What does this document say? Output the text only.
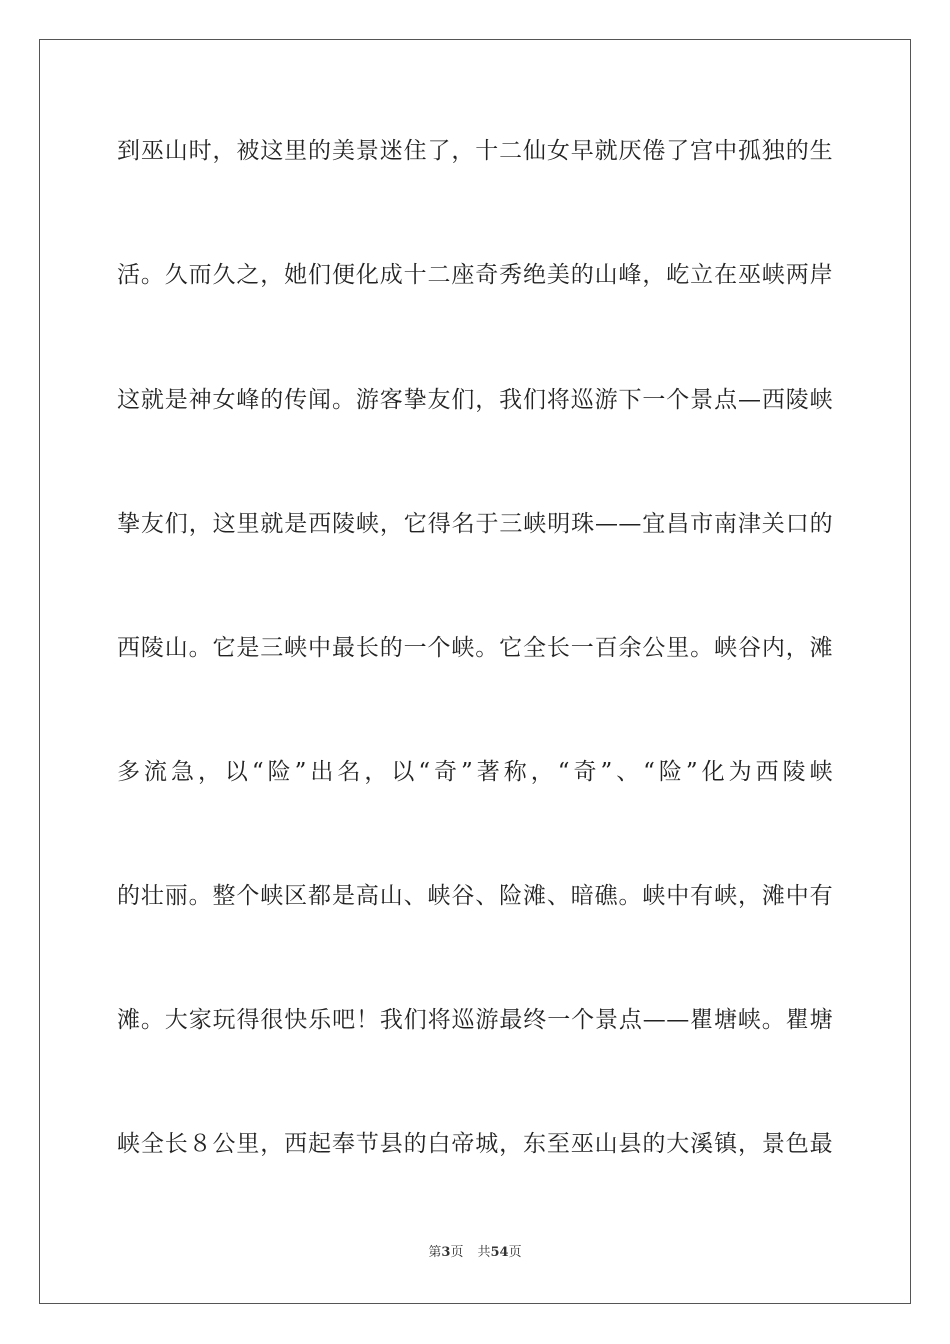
到巫山时，被这里的美景迷住了，十二仙女早就厌倦了宫中孤独的生
活。久而久之，她们便化成十二座奇秀绝美的山峰，屹立在巫峡两岸
这就是神女峰的传闻。游客挚友们，我们将巡游下一个景点—西陵峡
挚友们，这里就是西陵峡，它得名于三峡明珠——宜昌市南津关口的
西陵山。它是三峡中最长的一个峡。它全长一百余公里。峡谷内，滩
多流急，以“险”出名，以“奇”著称，“奇”、“险”化为西陵峡
的壮丽。整个峡区都是高山、峡谷、险滩、暗礁。峡中有峡，滩中有
滩。大家玩得很快乐吧！我们将巡游最终一个景点——瞿塘峡。瞿塘
峡全长８公里，西起奉节县的白帝城，东至巫山县的大溪镇，景色最
第3页 共54页
